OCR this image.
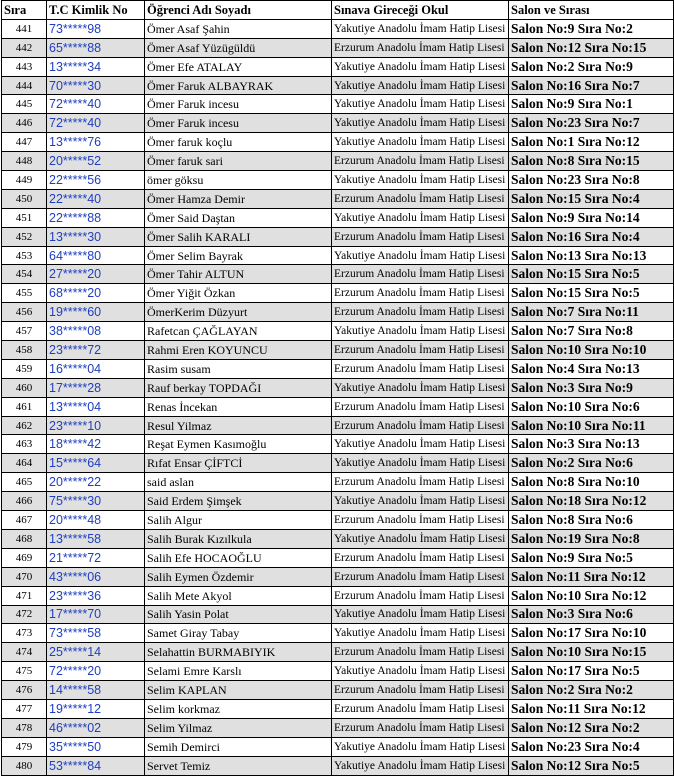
Sıra	T.C Kimlik No	Öğrenci Adı Soyadı	Sınava Gireceği Okul	Salon ve Sırası
441	73*****98	Ömer Asaf Şahin	Yakutiye Anadolu İmam Hatip Lisesi	Salon No:9 Sıra No:2
442	65*****88	Ömer Asaf Yüzügüldü	Erzurum Anadolu İmam Hatip Lisesi	Salon No:12 Sıra No:15
443	13*****34	Ömer Efe ATALAY	Yakutiye Anadolu İmam Hatip Lisesi	Salon No:2 Sıra No:9
444	70*****30	Ömer Faruk ALBAYRAK	Yakutiye Anadolu İmam Hatip Lisesi	Salon No:16 Sıra No:7
445	72*****40	Ömer Faruk incesu	Yakutiye Anadolu İmam Hatip Lisesi	Salon No:9 Sıra No:1
446	72*****40	Ömer Faruk incesu	Yakutiye Anadolu İmam Hatip Lisesi	Salon No:23 Sıra No:7
447	13*****76	Ömer faruk koçlu	Yakutiye Anadolu İmam Hatip Lisesi	Salon No:1 Sıra No:12
448	20*****52	Ömer faruk sari	Erzurum Anadolu İmam Hatip Lisesi	Salon No:8 Sıra No:15
449	22*****56	ömer göksu	Yakutiye Anadolu İmam Hatip Lisesi	Salon No:23 Sıra No:8
450	22*****40	Ömer Hamza Demir	Erzurum Anadolu İmam Hatip Lisesi	Salon No:15 Sıra No:4
451	22*****88	Ömer Said Daştan	Yakutiye Anadolu İmam Hatip Lisesi	Salon No:9 Sıra No:14
452	13*****30	Ömer Salih KARALI	Erzurum Anadolu İmam Hatip Lisesi	Salon No:16 Sıra No:4
453	64*****80	Ömer Selim Bayrak	Yakutiye Anadolu İmam Hatip Lisesi	Salon No:13 Sıra No:13
454	27*****20	Ömer Tahir ALTUN	Erzurum Anadolu İmam Hatip Lisesi	Salon No:15 Sıra No:5
455	68*****20	Ömer Yiğit Özkan	Erzurum Anadolu İmam Hatip Lisesi	Salon No:15 Sıra No:5
456	19*****60	ÖmerKerim Düzyurt	Erzurum Anadolu İmam Hatip Lisesi	Salon No:7 Sıra No:11
457	38*****08	Rafetcan ÇAĞLAYAN	Yakutiye Anadolu İmam Hatip Lisesi	Salon No:7 Sıra No:8
458	23*****72	Rahmi Eren KOYUNCU	Erzurum Anadolu İmam Hatip Lisesi	Salon No:10 Sıra No:10
459	16*****04	Rasim susam	Erzurum Anadolu İmam Hatip Lisesi	Salon No:4 Sıra No:13
460	17*****28	Rauf berkay TOPDAĞI	Yakutiye Anadolu İmam Hatip Lisesi	Salon No:3 Sıra No:9
461	13*****04	Renas İncekan	Erzurum Anadolu İmam Hatip Lisesi	Salon No:10 Sıra No:6
462	23*****10	Resul Yilmaz	Erzurum Anadolu İmam Hatip Lisesi	Salon No:10 Sıra No:11
463	18*****42	Reşat Eymen Kasımoğlu	Yakutiye Anadolu İmam Hatip Lisesi	Salon No:3 Sıra No:13
464	15*****64	Rıfat Ensar ÇİFTCİ	Yakutiye Anadolu İmam Hatip Lisesi	Salon No:2 Sıra No:6
465	20*****22	said aslan	Erzurum Anadolu İmam Hatip Lisesi	Salon No:8 Sıra No:10
466	75*****30	Said Erdem Şimşek	Yakutiye Anadolu İmam Hatip Lisesi	Salon No:18 Sıra No:12
467	20*****48	Salih Algur	Erzurum Anadolu İmam Hatip Lisesi	Salon No:8 Sıra No:6
468	13*****58	Salih Burak Kızılkula	Yakutiye Anadolu İmam Hatip Lisesi	Salon No:19 Sıra No:8
469	21*****72	Salih Efe HOCAOĞLU	Erzurum Anadolu İmam Hatip Lisesi	Salon No:9 Sıra No:5
470	43*****06	Salih Eymen Özdemir	Erzurum Anadolu İmam Hatip Lisesi	Salon No:11 Sıra No:12
471	23*****36	Salih Mete Akyol	Erzurum Anadolu İmam Hatip Lisesi	Salon No:10 Sıra No:12
472	17*****70	Salih Yasin Polat	Yakutiye Anadolu İmam Hatip Lisesi	Salon No:3 Sıra No:6
473	73*****58	Samet Giray Tabay	Yakutiye Anadolu İmam Hatip Lisesi	Salon No:17 Sıra No:10
474	25*****14	Selahattin BURMABIYIK	Erzurum Anadolu İmam Hatip Lisesi	Salon No:10 Sıra No:15
475	72*****20	Selami Emre Karslı	Yakutiye Anadolu İmam Hatip Lisesi	Salon No:17 Sıra No:5
476	14*****58	Selim KAPLAN	Erzurum Anadolu İmam Hatip Lisesi	Salon No:2 Sıra No:2
477	19*****12	Selim korkmaz	Erzurum Anadolu İmam Hatip Lisesi	Salon No:11 Sıra No:12
478	46*****02	Selim Yilmaz	Erzurum Anadolu İmam Hatip Lisesi	Salon No:12 Sıra No:2
479	35*****50	Semih Demirci	Yakutiye Anadolu İmam Hatip Lisesi	Salon No:23 Sıra No:4
480	53*****84	Servet Temiz	Yakutiye Anadolu İmam Hatip Lisesi	Salon No:12 Sıra No:5
